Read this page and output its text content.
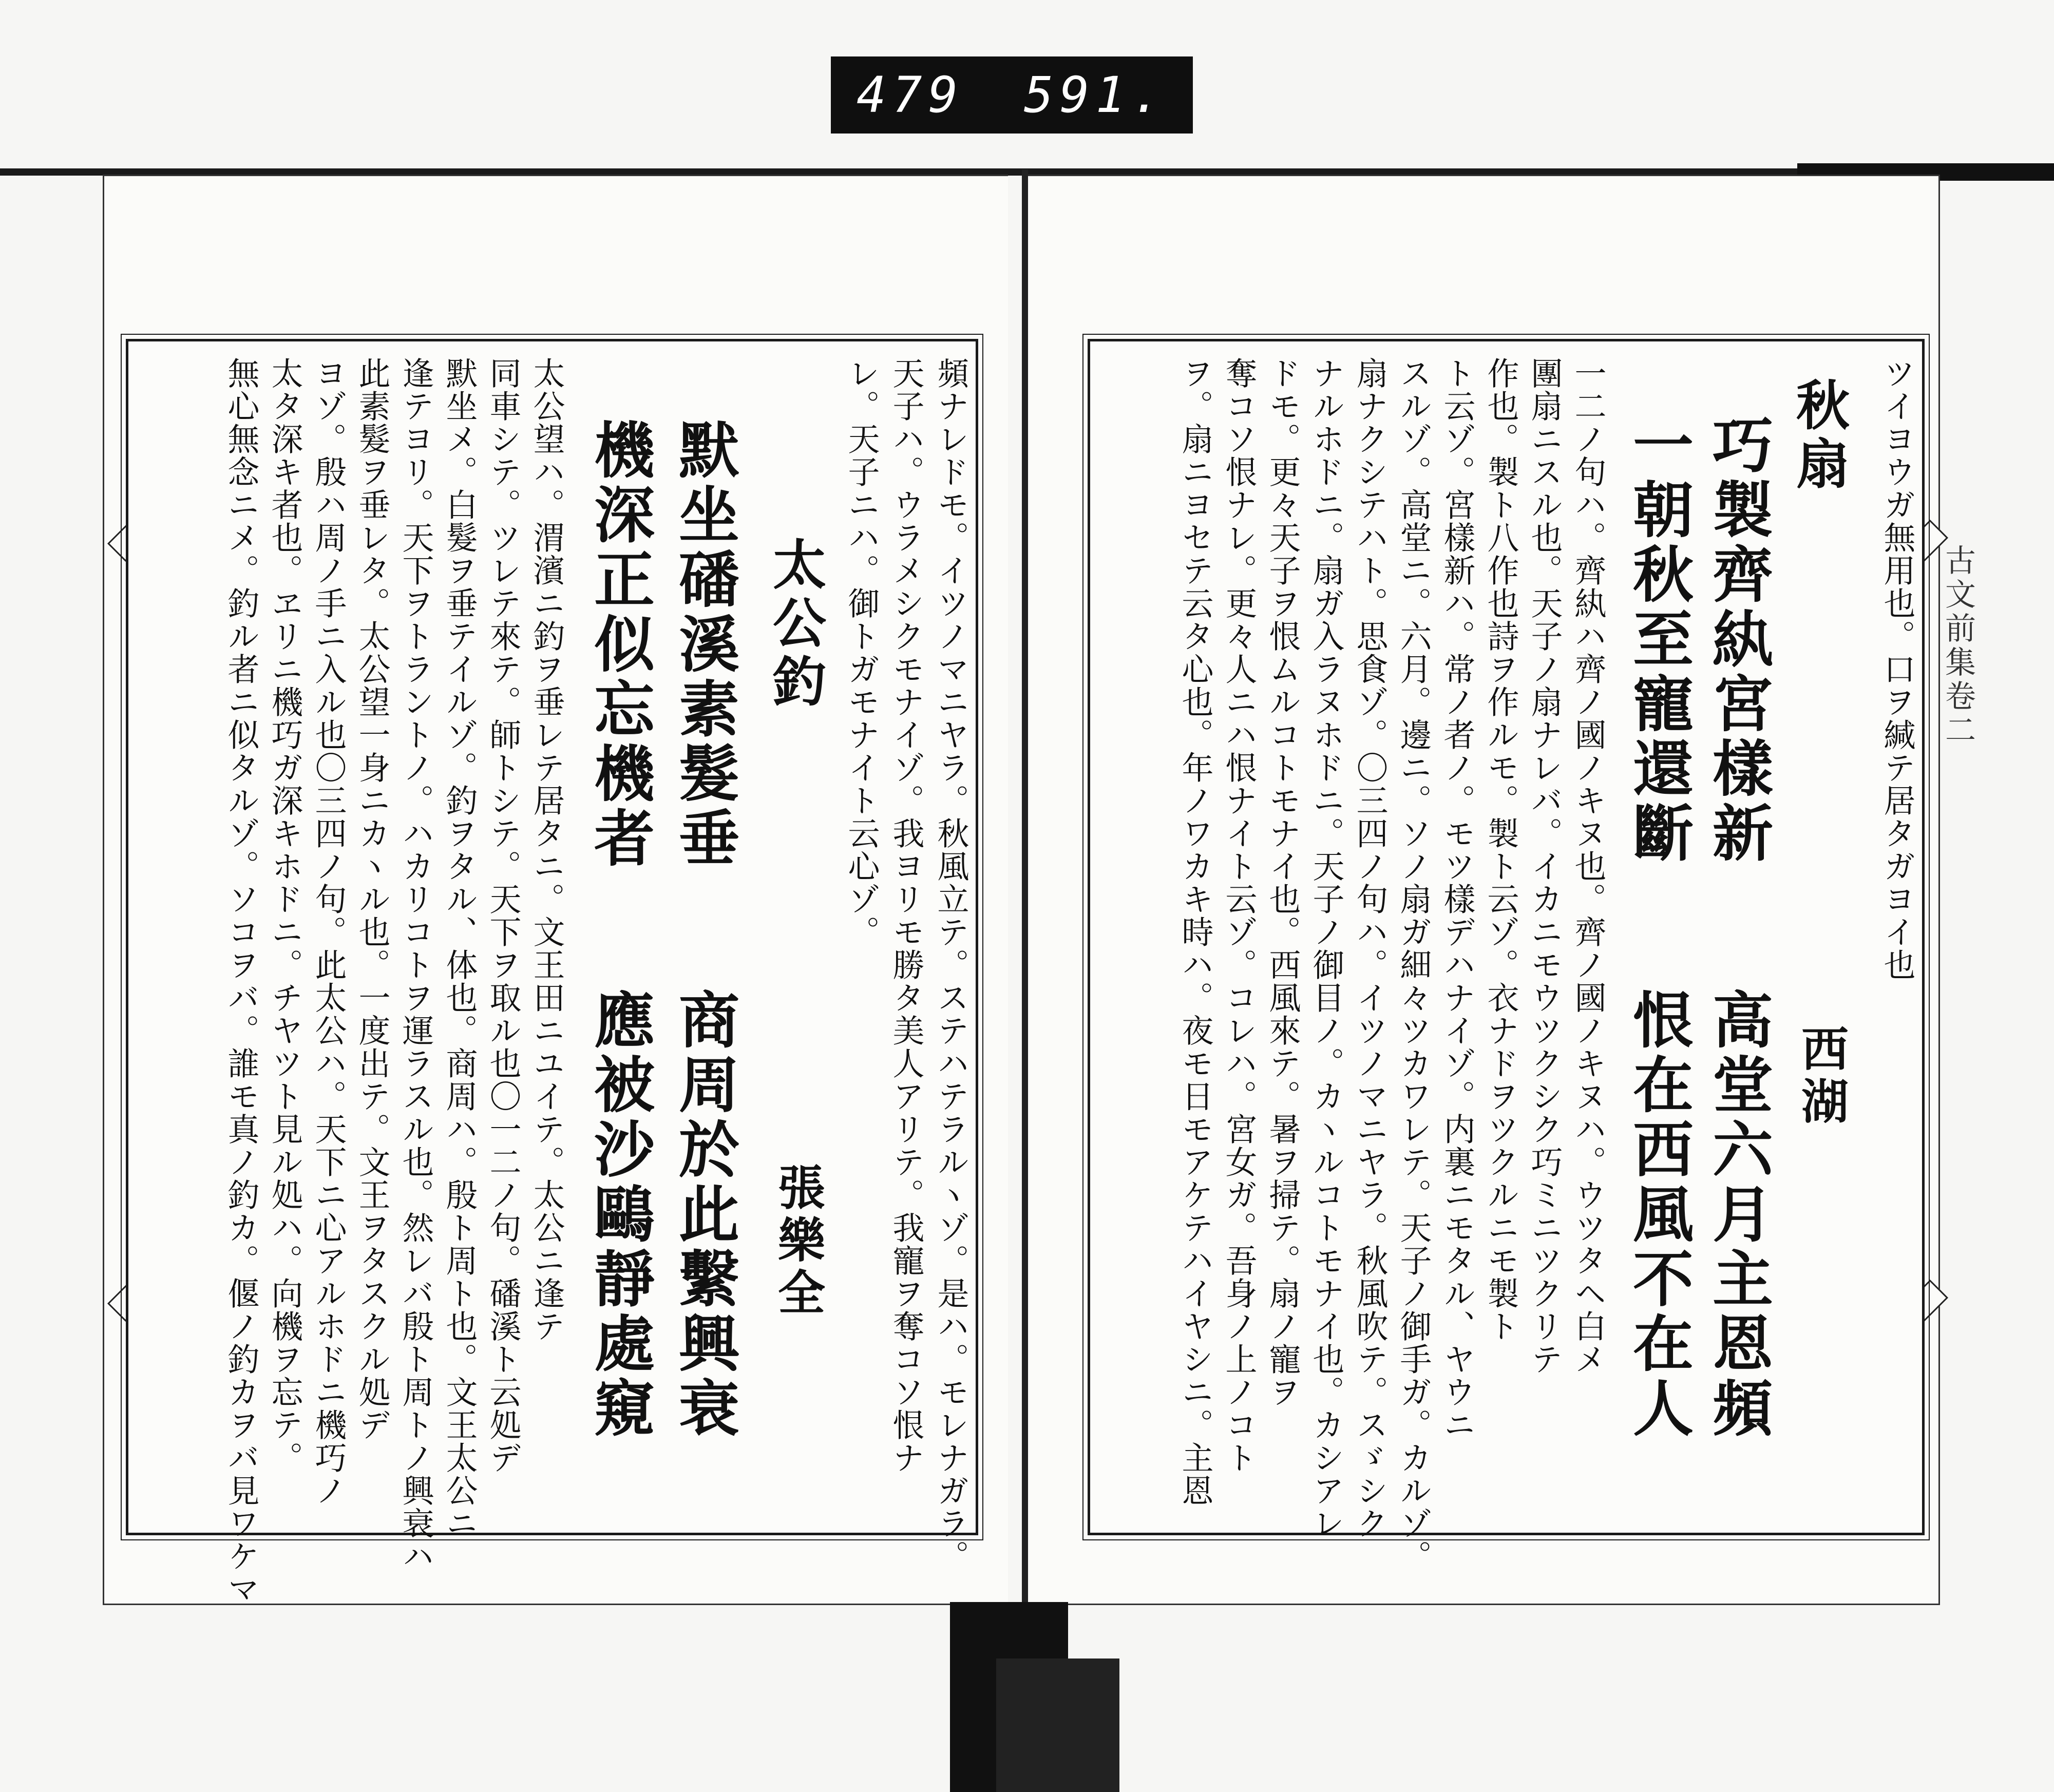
479 591.
古文前集卷二
ツイヨウガ無用也。口ヲ緘テ居タガヨイ也
秋扇
西湖
巧製齊紈宮樣新
高堂六月主恩頻
一朝秋至寵還斷
恨在西風不在人
一二ノ句ハ。齊紈ハ齊ノ國ノキヌ也。齊ノ國ノキヌハ。ウツタヘ白メ
團扇ニスル也。天子ノ扇ナレバ。イカニモウツクシク巧ミニツクリテ
作也。製ト八作也詩ヲ作ルモ。製ト云ゾ。衣ナドヲツクルニモ製ト
ト云ゾ。宮樣新ハ。常ノ者ノ。モツ樣デハナイゾ。内裏ニモタル、ヤウニ
スルゾ。高堂ニ。六月。邊ニ。ソノ扇ガ細々ツカワレテ。天子ノ御手ガ。カルゾ。
扇ナクシテハト。思食ゾ。〇三四ノ句ハ。イツノマニヤラ。秋風吹テ。スゞシク
ナルホドニ。扇ガ入ラヌホドニ。天子ノ御目ノ。カヽルコトモナイ也。カシアレ
ドモ。更々天子ヲ恨ムルコトモナイ也。西風來テ。暑ヲ掃テ。扇ノ寵ヲ
奪コソ恨ナレ。更々人ニハ恨ナイト云ゾ。コレハ。宮女ガ。吾身ノ上ノコト
ヲ。扇ニヨセテ云タ心也。年ノワカキ時ハ。夜モ日モアケテハイヤシニ。主恩
頻ナレドモ。イツノマニヤラ。秋風立テ。ステハテラルヽゾ。是ハ。モレナガラ。
天子ハ。ウラメシクモナイゾ。我ヨリモ勝タ美人アリテ。我寵ヲ奪コソ恨ナ
レ。天子ニハ。御トガモナイト云心ゾ。
太公釣
張樂全
默坐磻溪素髮垂
商周於此繫興衰
機深正似忘機者
應被沙鷗靜處窺
太公望ハ。渭濱ニ釣ヲ垂レテ居タニ。文王田ニユイテ。太公ニ逢テ
同車シテ。ツレテ來テ。師トシテ。天下ヲ取ル也〇一二ノ句。磻溪ト云処デ
默坐メ。白髮ヲ垂テイルゾ。釣ヲタル、体也。商周ハ。殷ト周ト也。文王太公ニ
逢テヨリ。天下ヲトラントノ。ハカリコトヲ運ラスル也。然レバ殷ト周トノ興衰ハ
此素髮ヲ垂レタ。太公望一身ニカヽル也。一度出テ。文王ヲタスクル処デ
ヨゾ。殷ハ周ノ手ニ入ル也〇三四ノ句。此太公ハ。天下ニ心アルホドニ機巧ノ
太タ深キ者也。ヱリニ機巧ガ深キホドニ。チヤツト見ル処ハ。向機ヲ忘テ。
無心無念ニメ。釣ル者ニ似タルゾ。ソコヲバ。誰モ真ノ釣カ。偃ノ釣カヲバ見ワケマ
